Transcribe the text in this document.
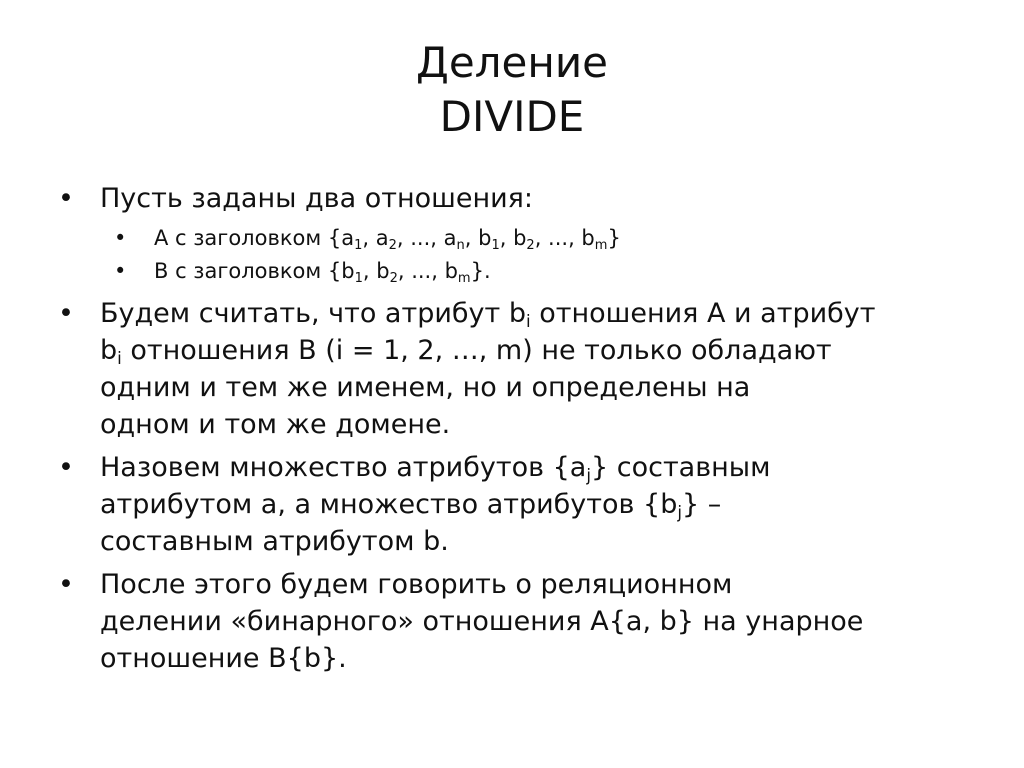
Деление
DIVIDE
• Пусть заданы два отношения:
• А с заголовком {$a_1$, $a_2$, ..., $a_n$, $b_1$, $b_2$, ..., $b_m$}
• В с заголовком {$b_1$, $b_2$, ..., $b_m$}.
• Будем считать, что атрибут $b_i$ отношения А и атрибут
$b_i$ отношения В (i = 1, 2, …, m) не только обладают
одним и тем же именем, но и определены на
одном и том же домене.
• Назовем множество атрибутов $\{a_j\}$ составным
атрибутом a, а множество атрибутов $\{b_j\}$ –
составным атрибутом b.
• После этого будем говорить о реляционном
делении «бинарного» отношения A{a, b} на унарное
отношение B{b}.
